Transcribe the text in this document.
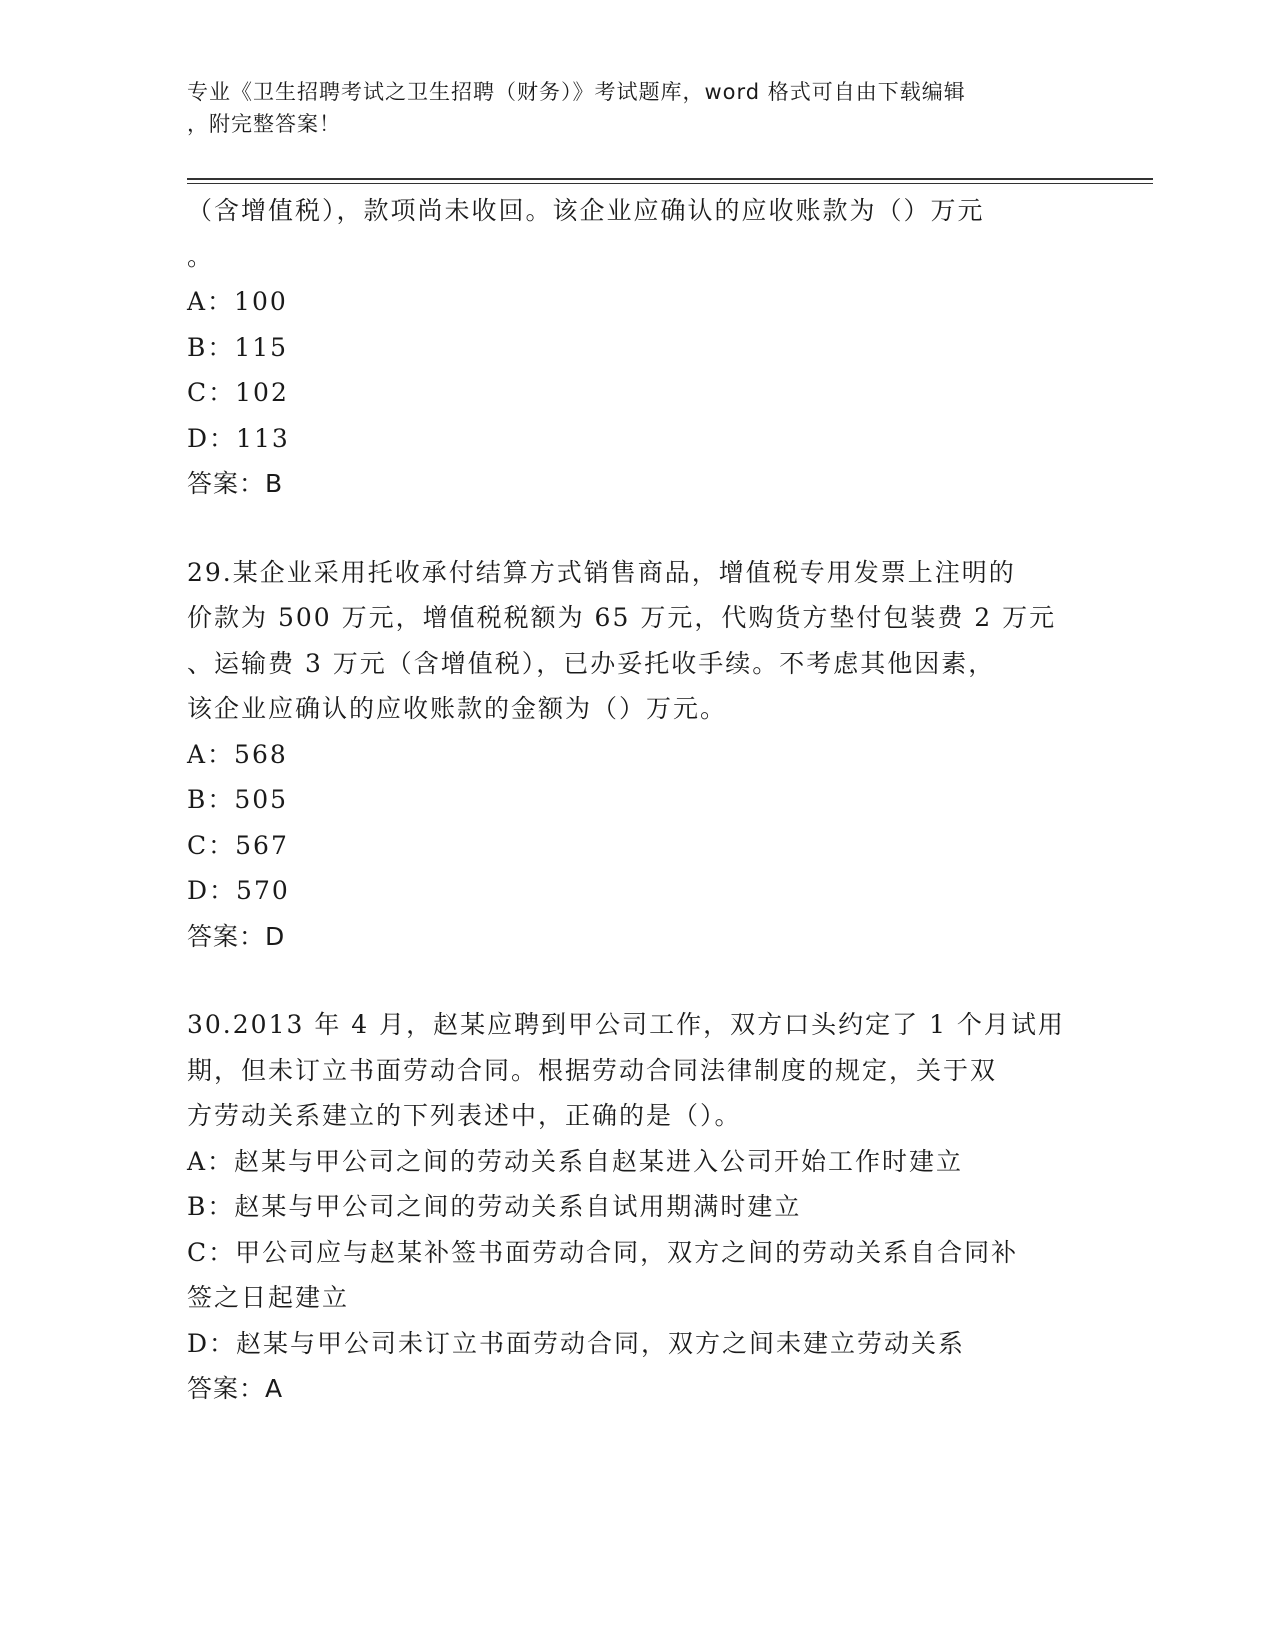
专业《卫生招聘考试之卫生招聘（财务）》考试题库，word 格式可自由下载编辑
，附完整答案！
（含增值税），款项尚未收回。该企业应确认的应收账款为（）万元
。
A：100
B：115
C：102
D：113
答案：B
29.某企业采用托收承付结算方式销售商品，增值税专用发票上注明的
价款为 500 万元，增值税税额为 65 万元，代购货方垫付包装费 2 万元
、运输费 3 万元（含增值税），已办妥托收手续。不考虑其他因素，
该企业应确认的应收账款的金额为（）万元。
A：568
B：505
C：567
D：570
答案：D
30.2013 年 4 月，赵某应聘到甲公司工作，双方口头约定了 1 个月试用
期，但未订立书面劳动合同。根据劳动合同法律制度的规定，关于双
方劳动关系建立的下列表述中，正确的是（）。
A：赵某与甲公司之间的劳动关系自赵某进入公司开始工作时建立
B：赵某与甲公司之间的劳动关系自试用期满时建立
C：甲公司应与赵某补签书面劳动合同，双方之间的劳动关系自合同补
签之日起建立
D：赵某与甲公司未订立书面劳动合同，双方之间未建立劳动关系
答案：A
